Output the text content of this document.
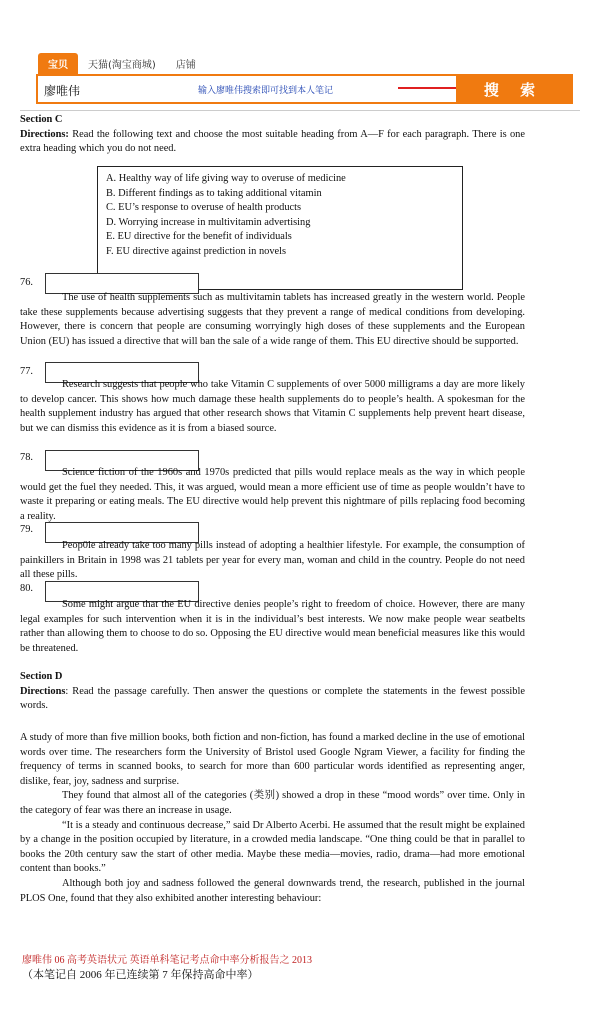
宝贝	天猫(淘宝商城)	店铺
廖唯伟	输入廖唯伟搜索即可找到本人笔记	搜 索

Section C

Directions: Read the following text and choose the most suitable heading from A—F for each paragraph. There is one extra heading which you do not need.

A. Healthy way of life giving way to overuse of medicine
B. Different findings as to taking additional vitamin
C. EU’s response to overuse of health products
D. Worrying increase in multivitamin advertising
E. EU directive for the benefit of individuals
F. EU directive against prediction in novels
76.

The use of health supplements such as multivitamin tablets has increased greatly in the western world. People take these supplements because advertising suggests that they prevent a range of medical conditions from developing. However, there is concern that people are consuming worryingly high doses of these supplements and the European Union (EU) has issued a directive that will ban the sale of a wide range of them. This EU directive should be supported.

77.

Research suggests that people who take Vitamin C supplements of over 5000 milligrams a day are more likely to develop cancer. This shows how much damage these health supplements do to people’s health. A spokesman for the health supplement industry has argued that other research shows that Vitamin C supplements help prevent heart disease, but we can dismiss this evidence as it is from a biased source.

78.

Science fiction of the 1960s and 1970s predicted that pills would replace meals as the way in which people would get the fuel they needed. This, it was argued, would mean a more efficient use of time as people wouldn’t have to waste it preparing or eating meals. The EU directive would help prevent this nightmare of pills replacing food becoming a reality.

79.

Peop0le already take too many pills instead of adopting a healthier lifestyle. For example, the consumption of painkillers in Britain in 1998 was 21 tablets per year for every man, woman and child in the country. People do not need all these pills.

80.

Some might argue that the EU directive denies people’s right to freedom of choice. However, there are many legal examples for such intervention when it is in the individual’s best interests. We now make people wear seatbelts rather than allowing them to choose to do so. Opposing the EU directive would mean beneficial measures like this would be threatened.

Section D

Directions: Read the passage carefully. Then answer the questions or complete the statements in the fewest possible words.

A study of more than five million books, both fiction and non-fiction, has found a marked decline in the use of emotional words over time. The researchers form the University of Bristol used Google Ngram Viewer, a facility for finding the frequency of terms in scanned books, to search for more than 600 particular words identified as representing anger, dislike, fear, joy, sadness and surprise.

They found that almost all of the categories (类别) showed a drop in these “mood words” over time. Only in the category of fear was there an increase in usage.

“It is a steady and continuous decrease,” said Dr Alberto Acerbi. He assumed that the result might be explained by a change in the position occupied by literature, in a crowded media landscape. “One thing could be that in parallel to books the 20th century saw the start of other media. Maybe these media—movies, radio, drama—had more emotional content than books.”

Although both joy and sadness followed the general downwards trend, the research, published in the journal PLOS One, found that they also exhibited another interesting behaviour:

廖唯伟 06 高考英语状元 英语单科笔记考点命中率分析报告之 2013
（本笔记自 2006 年已连续第 7 年保持高命中率）
